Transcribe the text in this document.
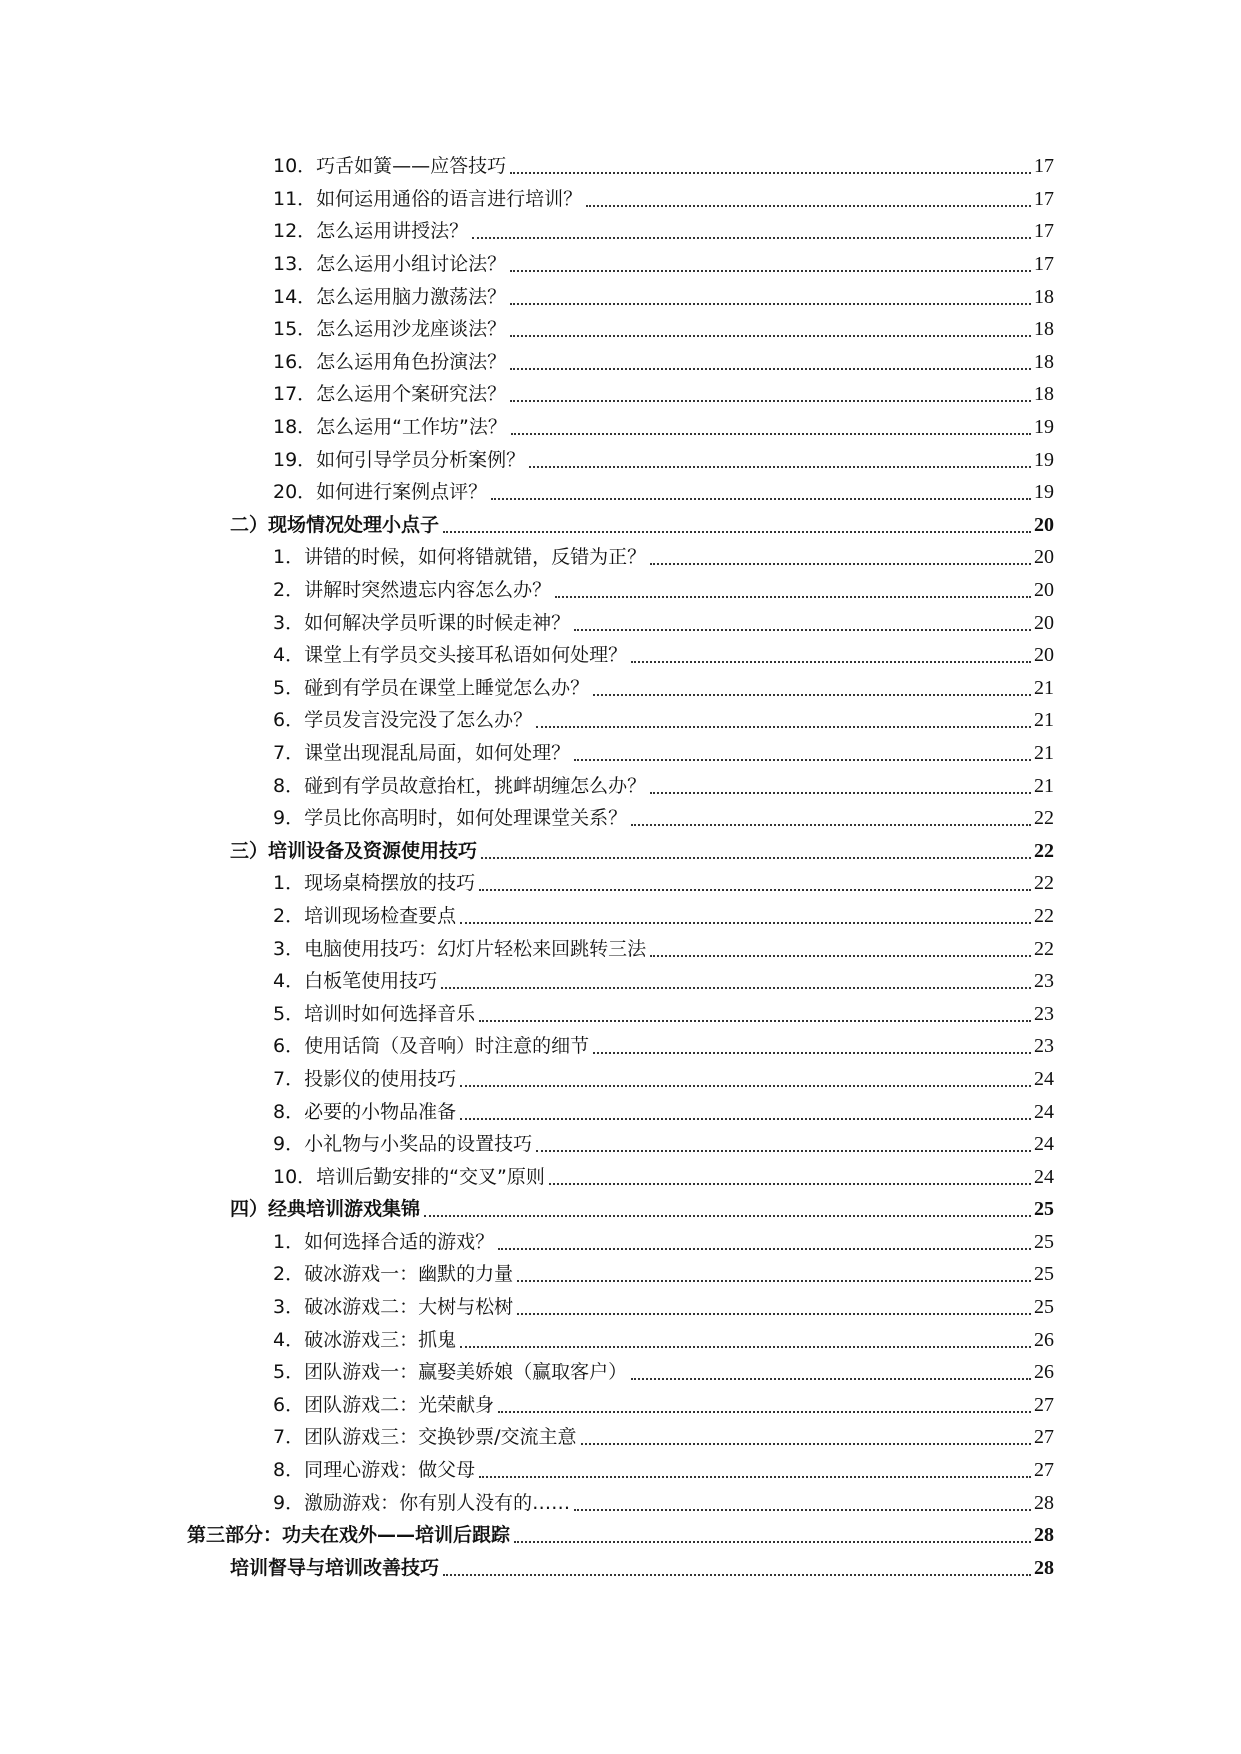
10．巧舌如簧——应答技巧	17
11．如何运用通俗的语言进行培训？	17
12．怎么运用讲授法？	17
13．怎么运用小组讨论法？	17
14．怎么运用脑力激荡法？	18
15．怎么运用沙龙座谈法？	18
16．怎么运用角色扮演法？	18
17．怎么运用个案研究法？	18
18．怎么运用“工作坊”法？	19
19．如何引导学员分析案例？	19
20．如何进行案例点评？	19
二）现场情况处理小点子	20
1．讲错的时候，如何将错就错，反错为正？	20
2．讲解时突然遗忘内容怎么办？	20
3．如何解决学员听课的时候走神？	20
4．课堂上有学员交头接耳私语如何处理？	20
5．碰到有学员在课堂上睡觉怎么办？	21
6．学员发言没完没了怎么办？	21
7．课堂出现混乱局面，如何处理？	21
8．碰到有学员故意抬杠，挑衅胡缠怎么办？	21
9．学员比你高明时，如何处理课堂关系？	22
三）培训设备及资源使用技巧	22
1．现场桌椅摆放的技巧	22
2．培训现场检查要点	22
3．电脑使用技巧：幻灯片轻松来回跳转三法	22
4．白板笔使用技巧	23
5．培训时如何选择音乐	23
6．使用话筒（及音响）时注意的细节	23
7．投影仪的使用技巧	24
8．必要的小物品准备	24
9．小礼物与小奖品的设置技巧	24
10．培训后勤安排的“交叉”原则	24
四）经典培训游戏集锦	25
1．如何选择合适的游戏？	25
2．破冰游戏一：幽默的力量	25
3．破冰游戏二：大树与松树	25
4．破冰游戏三：抓鬼	26
5．团队游戏一：赢娶美娇娘（赢取客户）	26
6．团队游戏二：光荣献身	27
7．团队游戏三：交换钞票/交流主意	27
8．同理心游戏：做父母	27
9．激励游戏：你有别人没有的……	28
第三部分：功夫在戏外——培训后跟踪	28
培训督导与培训改善技巧	28
